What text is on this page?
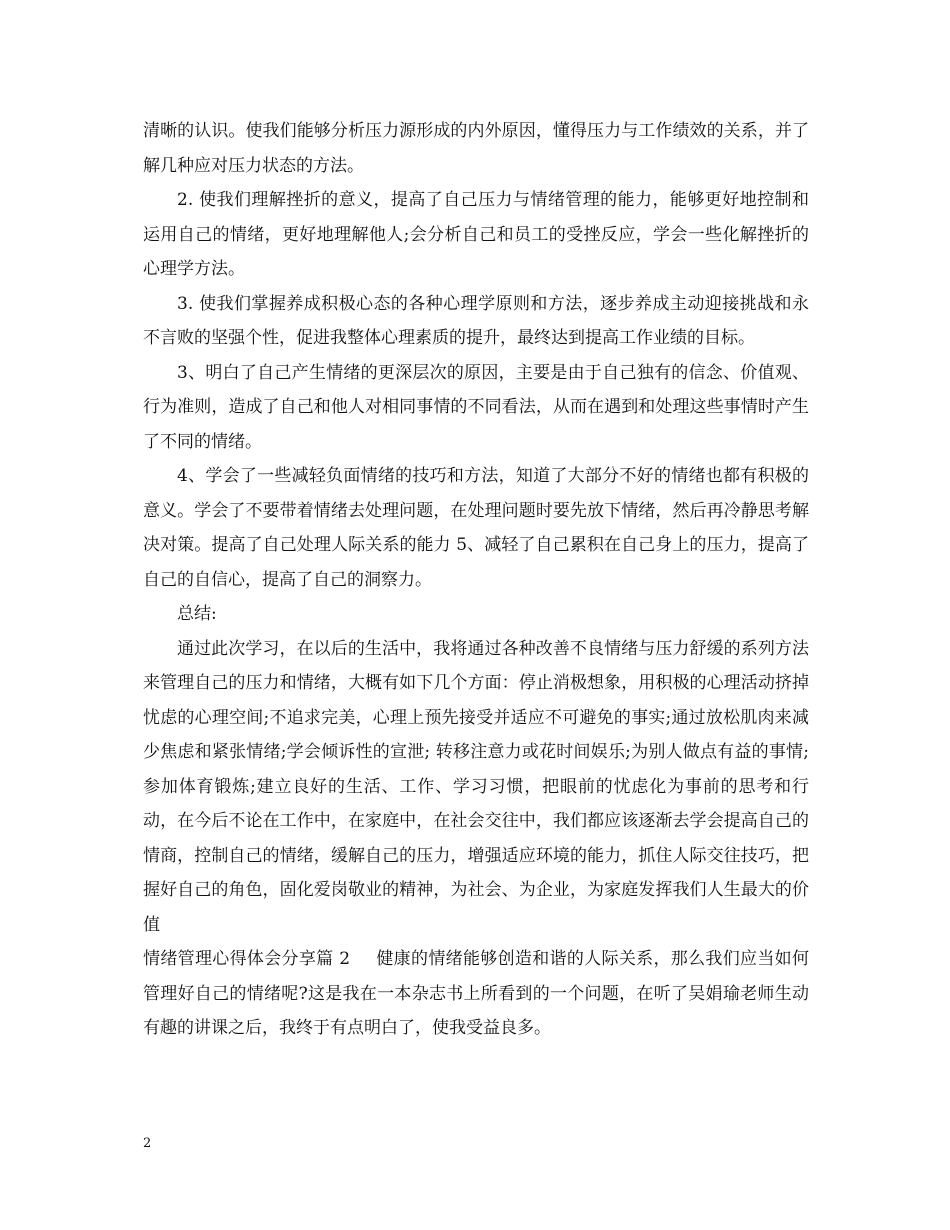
清晰的认识。使我们能够分析压力源形成的内外原因，懂得压力与工作绩效的关系，并了解几种应对压力状态的方法。

2. 使我们理解挫折的意义，提高了自己压力与情绪管理的能力，能够更好地控制和运用自己的情绪，更好地理解他人;会分析自己和员工的受挫反应，学会一些化解挫折的心理学方法。

3. 使我们掌握养成积极心态的各种心理学原则和方法，逐步养成主动迎接挑战和永不言败的坚强个性，促进我整体心理素质的提升，最终达到提高工作业绩的目标。

3、明白了自己产生情绪的更深层次的原因，主要是由于自己独有的信念、价值观、行为准则，造成了自己和他人对相同事情的不同看法，从而在遇到和处理这些事情时产生了不同的情绪。

4、学会了一些减轻负面情绪的技巧和方法，知道了大部分不好的情绪也都有积极的意义。学会了不要带着情绪去处理问题，在处理问题时要先放下情绪，然后再冷静思考解决对策。提高了自己处理人际关系的能力 5、减轻了自己累积在自己身上的压力，提高了自己的自信心，提高了自己的洞察力。

总结:

通过此次学习，在以后的生活中，我将通过各种改善不良情绪与压力舒缓的系列方法来管理自己的压力和情绪，大概有如下几个方面：停止消极想象，用积极的心理活动挤掉忧虑的心理空间;不追求完美，心理上预先接受并适应不可避免的事实;通过放松肌肉来减少焦虑和紧张情绪;学会倾诉性的宣泄; 转移注意力或花时间娱乐;为别人做点有益的事情;参加体育锻炼;建立良好的生活、工作、学习习惯，把眼前的忧虑化为事前的思考和行动，在今后不论在工作中，在家庭中，在社会交往中，我们都应该逐渐去学会提高自己的情商，控制自己的情绪，缓解自己的压力，增强适应环境的能力，抓住人际交往技巧，把握好自己的角色，固化爱岗敬业的精神，为社会、为企业，为家庭发挥我们人生最大的价值

情绪管理心得体会分享篇 2 健康的情绪能够创造和谐的人际关系，那么我们应当如何管理好自己的情绪呢?这是我在一本杂志书上所看到的一个问题，在听了吴娟瑜老师生动有趣的讲课之后，我终于有点明白了，使我受益良多。

2
